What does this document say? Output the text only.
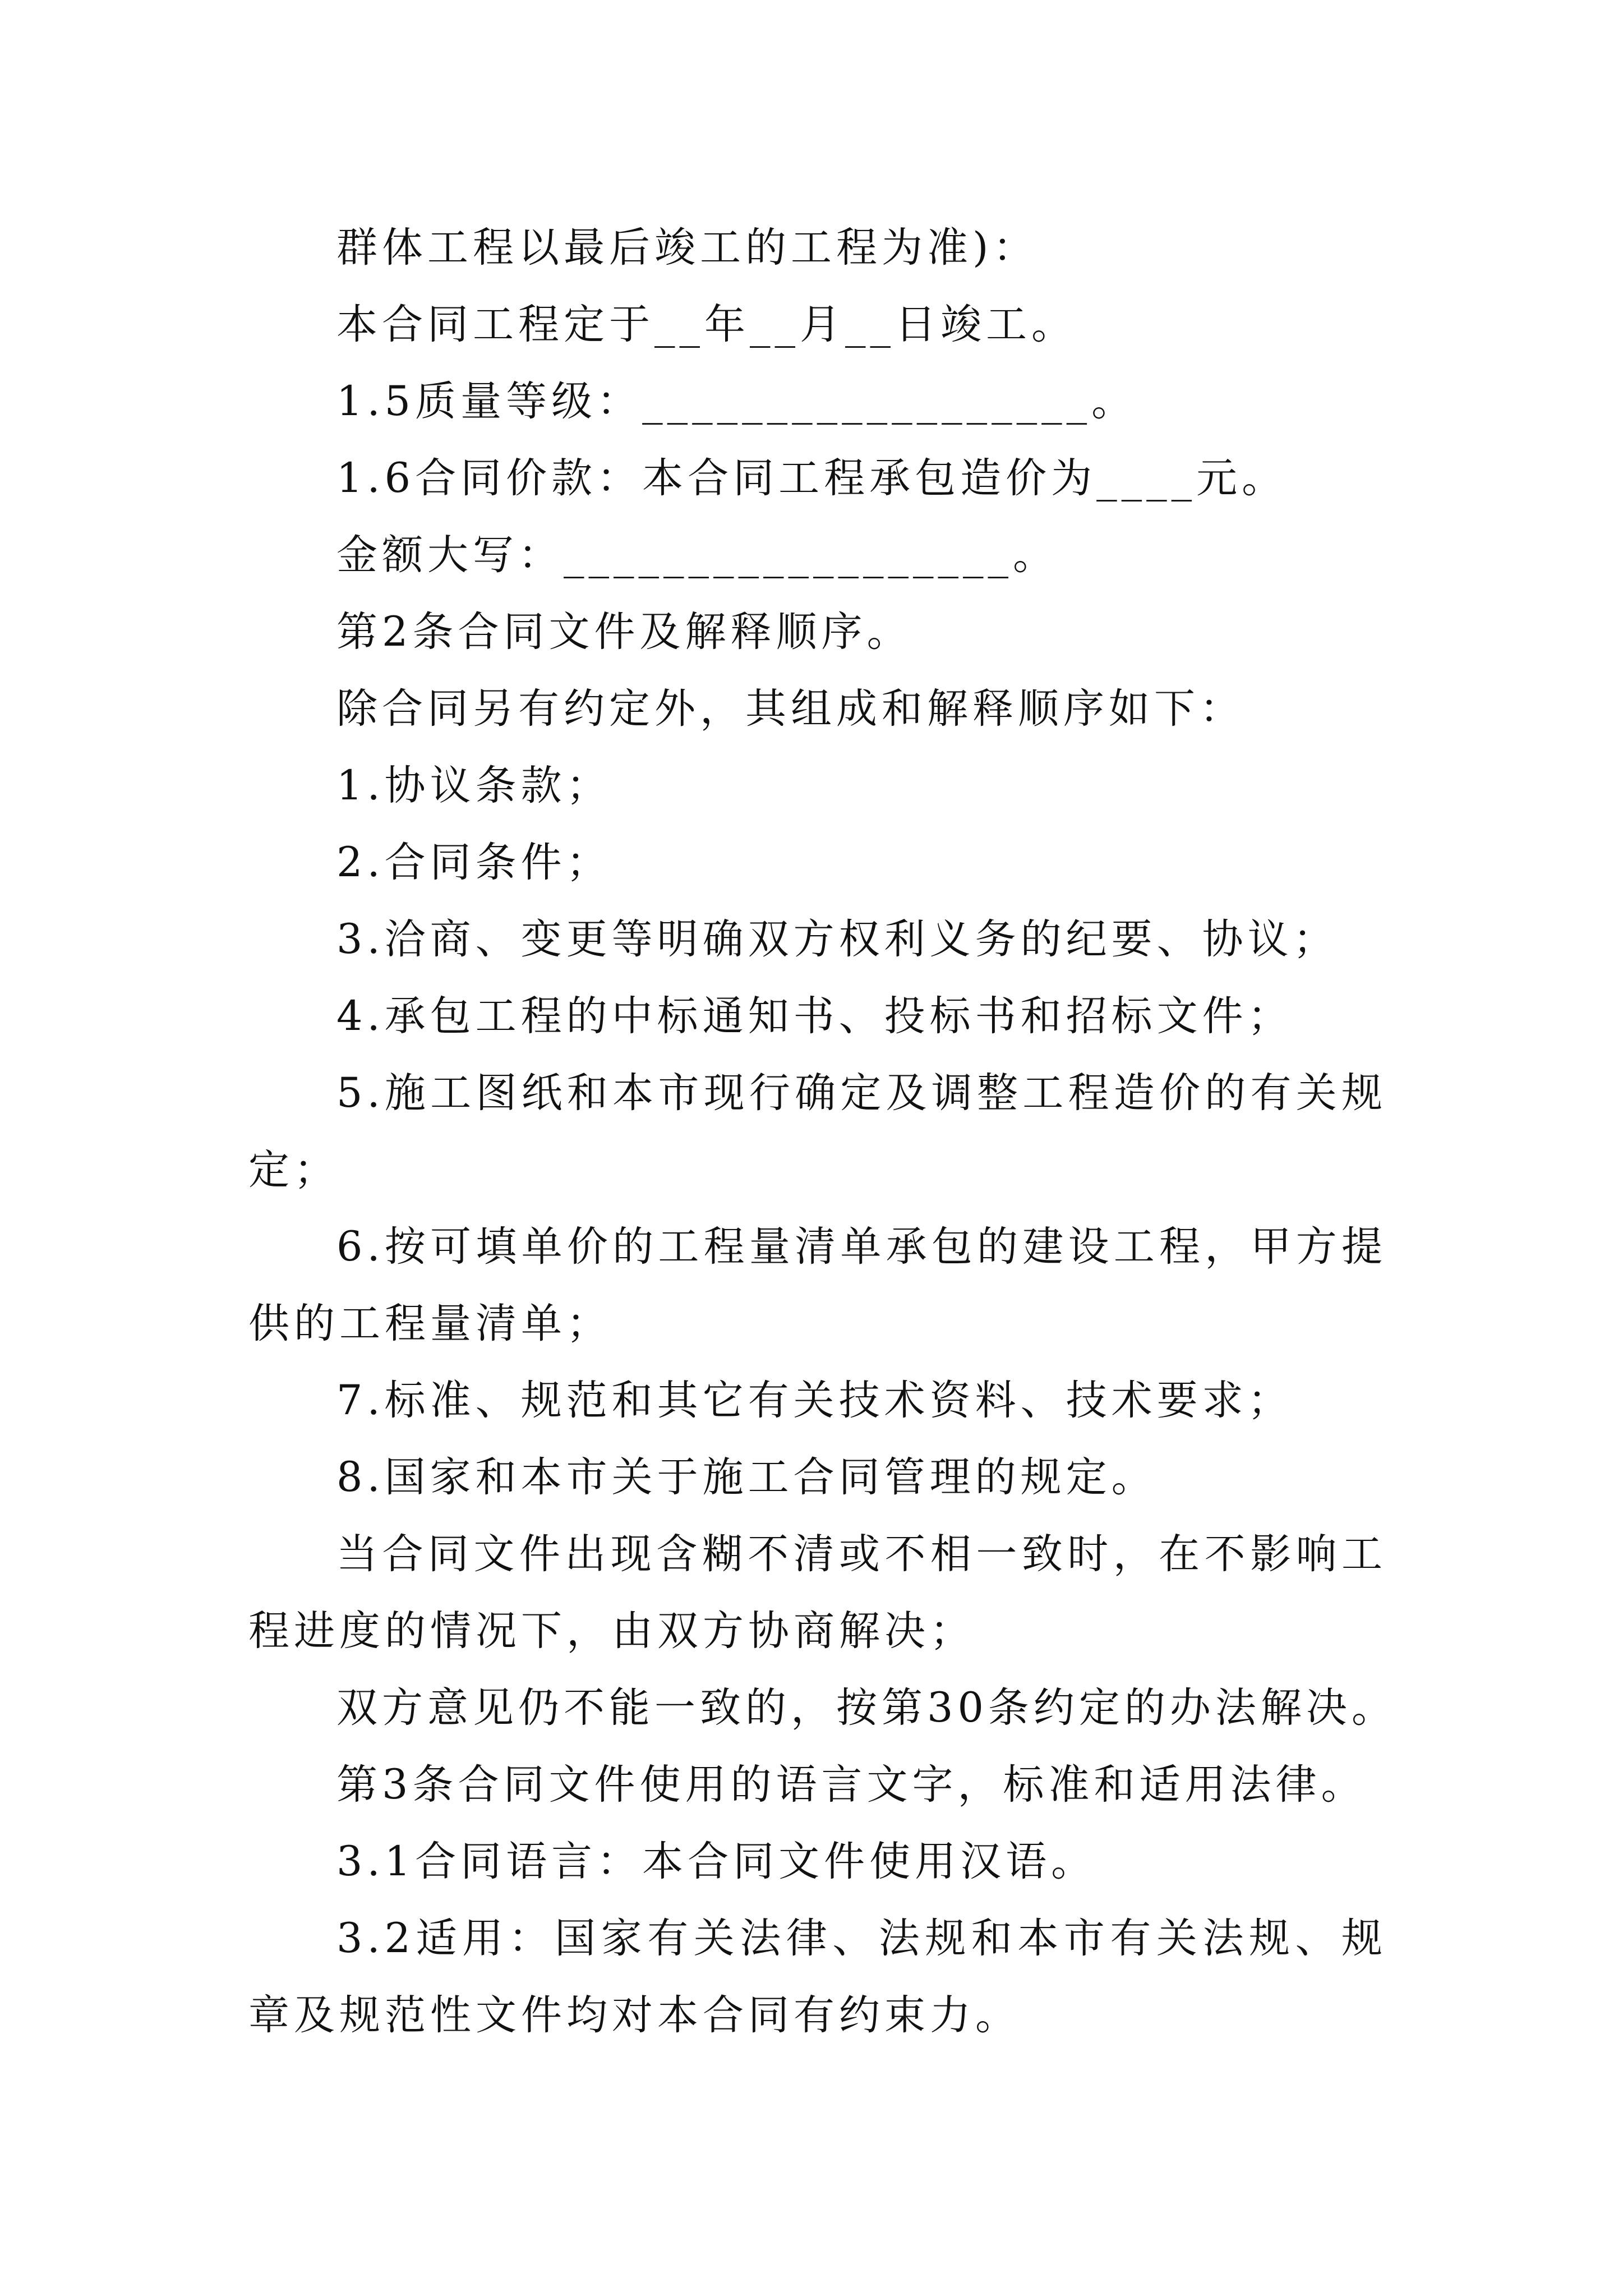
群体工程以最后竣工的工程为准)：

本合同工程定于__年__月__日竣工。

1.5质量等级：__________________。

1.6合同价款：本合同工程承包造价为____元。

金额大写：__________________。

第2条合同文件及解释顺序。

除合同另有约定外，其组成和解释顺序如下：

1.协议条款；

2.合同条件；

3.洽商、变更等明确双方权利义务的纪要、协议；

4.承包工程的中标通知书、投标书和招标文件；

5.施工图纸和本市现行确定及调整工程造价的有关规定；

6.按可填单价的工程量清单承包的建设工程，甲方提供的工程量清单；

7.标准、规范和其它有关技术资料、技术要求；

8.国家和本市关于施工合同管理的规定。

当合同文件出现含糊不清或不相一致时，在不影响工程进度的情况下，由双方协商解决；

双方意见仍不能一致的，按第30条约定的办法解决。

第3条合同文件使用的语言文字，标准和适用法律。

3.1合同语言：本合同文件使用汉语。

3.2适用：国家有关法律、法规和本市有关法规、规章及规范性文件均对本合同有约束力。
